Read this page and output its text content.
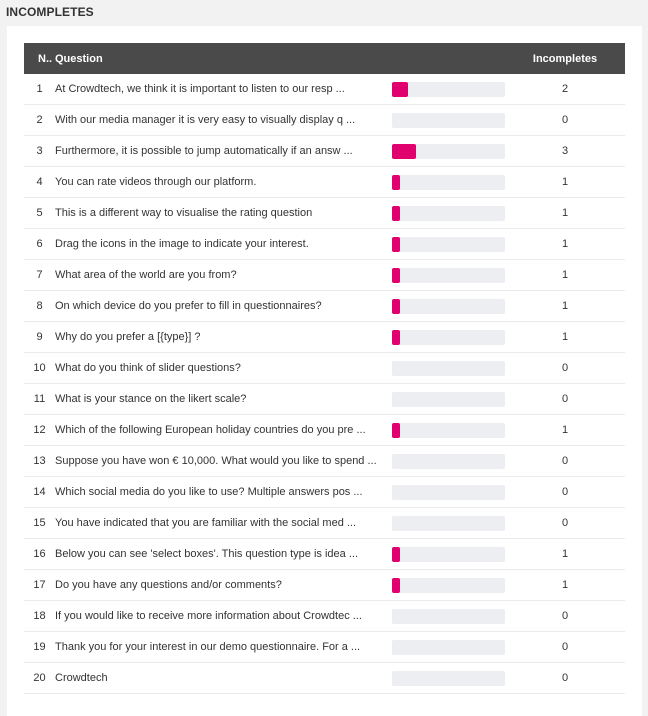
INCOMPLETES
N.. Question	Incompletes
1	At Crowdtech, we think it is important to listen to our resp ...	2
2	With our media manager it is very easy to visually display q ...	0
3	Furthermore, it is possible to jump automatically if an answ ...	3
4	You can rate videos through our platform.	1
5	This is a different way to visualise the rating question	1
6	Drag the icons in the image to indicate your interest.	1
7	What area of the world are you from?	1
8	On which device do you prefer to fill in questionnaires?	1
9	Why do you prefer a [{type}] ?	1
10 What do you think of slider questions?	0
11 What is your stance on the likert scale?	0
12 Which of the following European holiday countries do you pre ...	1
13 Suppose you have won € 10,000. What would you like to spend ...	0
14 Which social media do you like to use? Multiple answers pos ...	0
15 You have indicated that you are familiar with the social med ...	0
16 Below you can see 'select boxes'. This question type is idea ...	1
17 Do you have any questions and/or comments?	1
18 If you would like to receive more information about Crowdtec ...	0
19 Thank you for your interest in our demo questionnaire. For a ...	0
20 Crowdtech	0
